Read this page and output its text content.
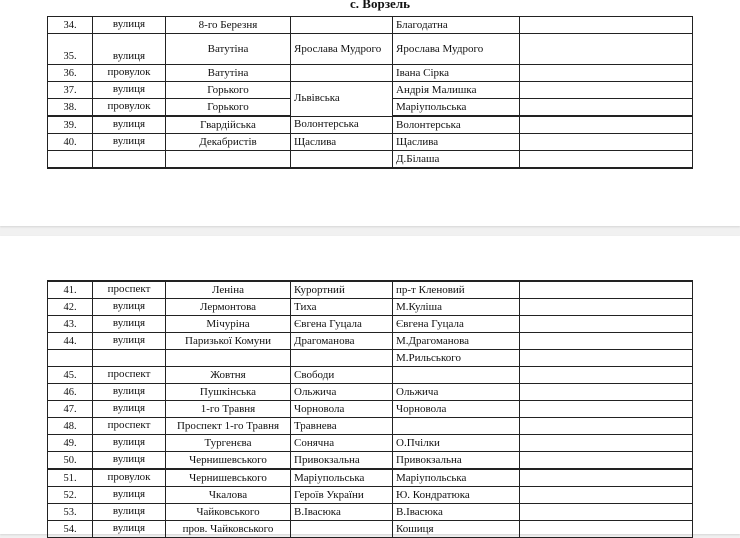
с. Ворзель
34.	вулиця	8-го Березня		Благодатна	
35.	вулиця	Ватутіна	Ярослава Мудрого	Ярослава Мудрого	
36.	провулок	Ватутіна		Івана Сірка	
37.	вулиця	Горького	Львівська	Андрія Малишка	
38.	провулок	Горького		Маріупольська	
39.	вулиця	Гвардійська	Волонтерська	Волонтерська	
40.	вулиця	Декабристів	Щаслива	Щаслива	
				Д.Білаша	
41.	проспект	Леніна	Курортний	пр-т Кленовий	
42.	вулиця	Лермонтова	Тиха	М.Куліша	
43.	вулиця	Мічуріна	Євгена Гуцала	Євгена Гуцала	
44.	вулиця	Паризької Комуни	Драгоманова	М.Драгоманова	
				М.Рильського	
45.	проспект	Жовтня	Свободи		
46.	вулиця	Пушкінська	Ольжича	Ольжича	
47.	вулиця	1-го Травня	Чорновола	Чорновола	
48.	проспект	Проспект 1-го Травня	Травнева		
49.	вулиця	Тургенєва	Сонячна	О.Пчілки	
50.	вулиця	Чернишевського	Привокзальна	Привокзальна	
51.	провулок	Чернишевського	Маріупольська	Маріупольська	
52.	вулиця	Чкалова	Героїв України	Ю. Кондратюка	
53.	вулиця	Чайковського	В.Івасюка	В.Івасюка	
54.	вулиця	пров. Чайковського		Кошиця	
